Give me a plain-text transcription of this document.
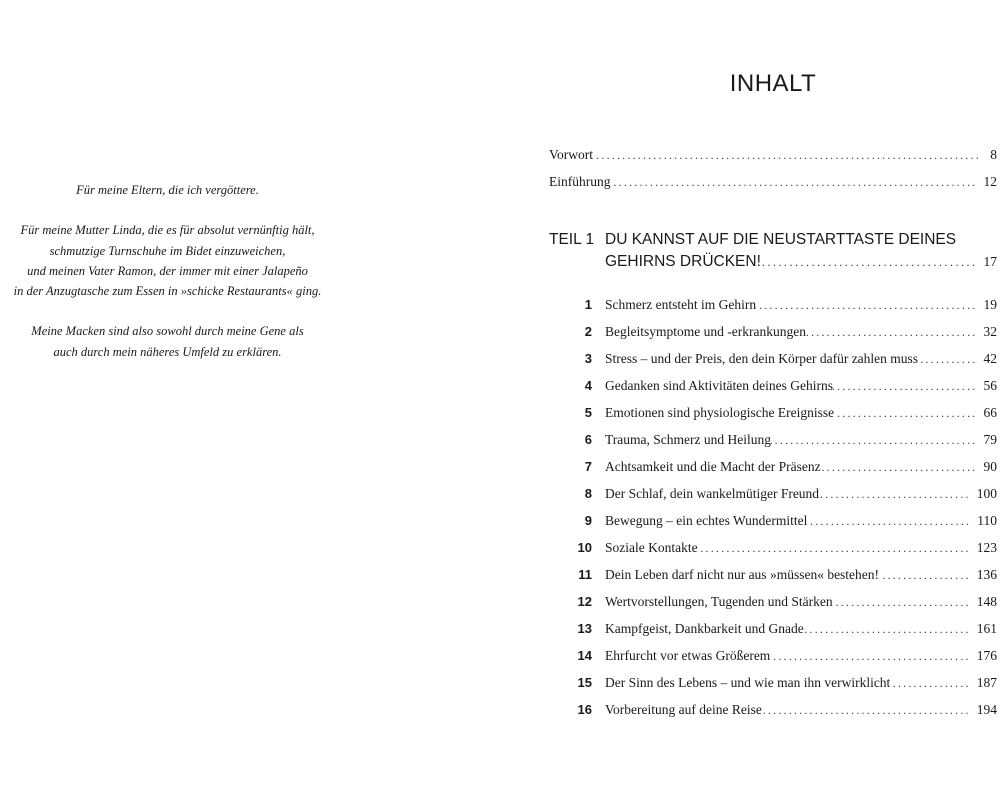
Für meine Eltern, die ich vergöttere.

Für meine Mutter Linda, die es für absolut vernünftig hält,
schmutzige Turnschuhe im Bidet einzuweichen,
und meinen Vater Ramon, der immer mit einer Jalapeño
in der Anzugtasche zum Essen in »schicke Restaurants« ging.

Meine Macken sind also sowohl durch meine Gene als
auch durch mein näheres Umfeld zu erklären.

INHALT
Vorwort .....	8
Einführung .....	12
TEIL 1 DU KANNST AUF DIE NEUSTARTTASTE DEINES
GEHIRNS DRÜCKEN! .....	17
1 Schmerz entsteht im Gehirn .....	19
2 Begleitsymptome und -erkrankungen .....	32
3 Stress – und der Preis, den dein Körper dafür zahlen muss .....	42
4 Gedanken sind Aktivitäten deines Gehirns .....	56
5 Emotionen sind physiologische Ereignisse .....	66
6 Trauma, Schmerz und Heilung .....	79
7 Achtsamkeit und die Macht der Präsenz .....	90
8 Der Schlaf, dein wankelmütiger Freund .....	100
9 Bewegung – ein echtes Wundermittel .....	110
10 Soziale Kontakte .....	123
11 Dein Leben darf nicht nur aus »müssen« bestehen! .....	136
12 Wertvorstellungen, Tugenden und Stärken .....	148
13 Kampfgeist, Dankbarkeit und Gnade .....	161
14 Ehrfurcht vor etwas Größerem .....	176
15 Der Sinn des Lebens – und wie man ihn verwirklicht .....	187
16 Vorbereitung auf deine Reise .....	194
